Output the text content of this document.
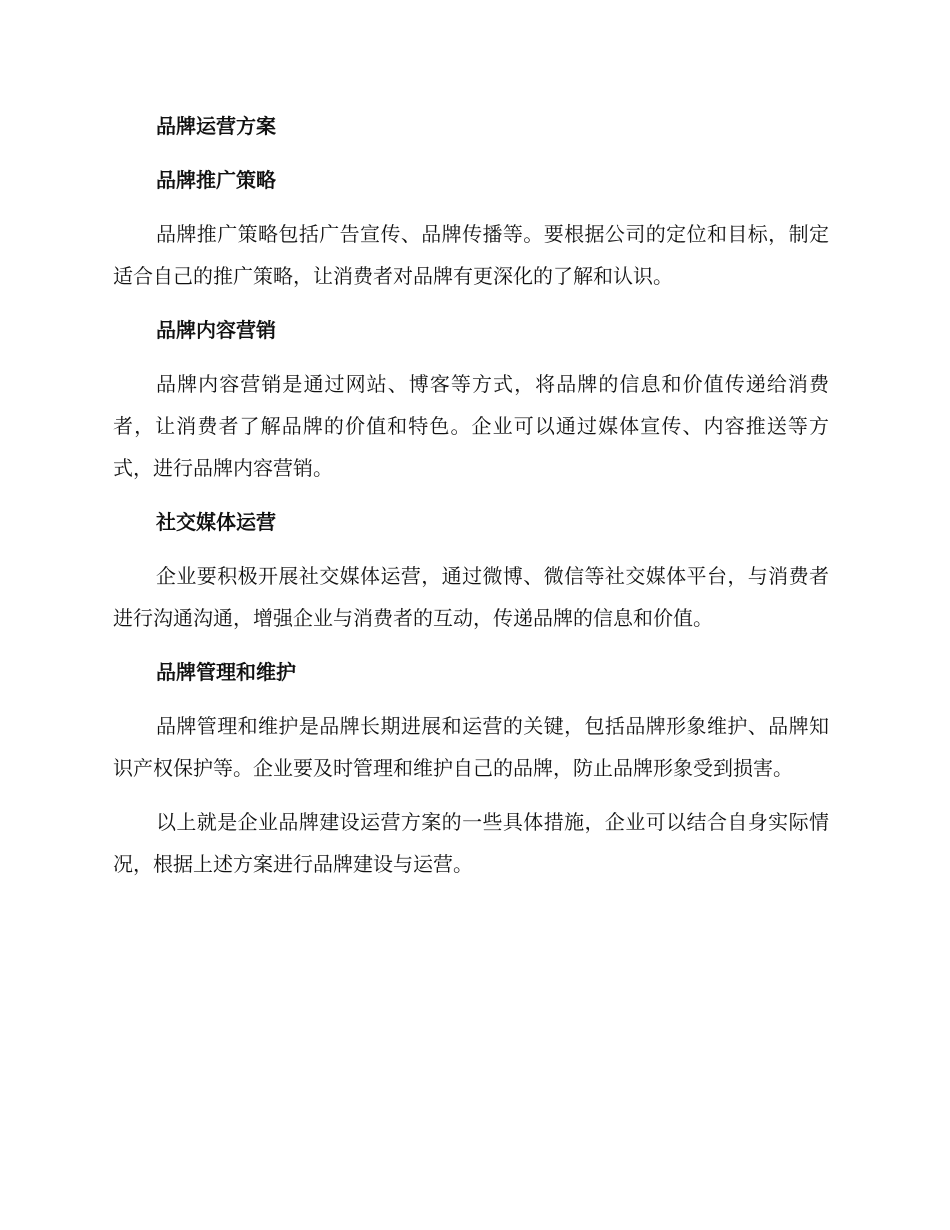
品牌运营方案
品牌推广策略

品牌推广策略包括广告宣传、品牌传播等。要根据公司的定位和目标，制定适合自己的推广策略，让消费者对品牌有更深化的了解和认识。

品牌内容营销

品牌内容营销是通过网站、博客等方式，将品牌的信息和价值传递给消费者，让消费者了解品牌的价值和特色。企业可以通过媒体宣传、内容推送等方式，进行品牌内容营销。

社交媒体运营

企业要积极开展社交媒体运营，通过微博、微信等社交媒体平台，与消费者进行沟通沟通，增强企业与消费者的互动，传递品牌的信息和价值。

品牌管理和维护

品牌管理和维护是品牌长期进展和运营的关键，包括品牌形象维护、品牌知识产权保护等。企业要及时管理和维护自己的品牌，防止品牌形象受到损害。

以上就是企业品牌建设运营方案的一些具体措施，企业可以结合自身实际情况，根据上述方案进行品牌建设与运营。
